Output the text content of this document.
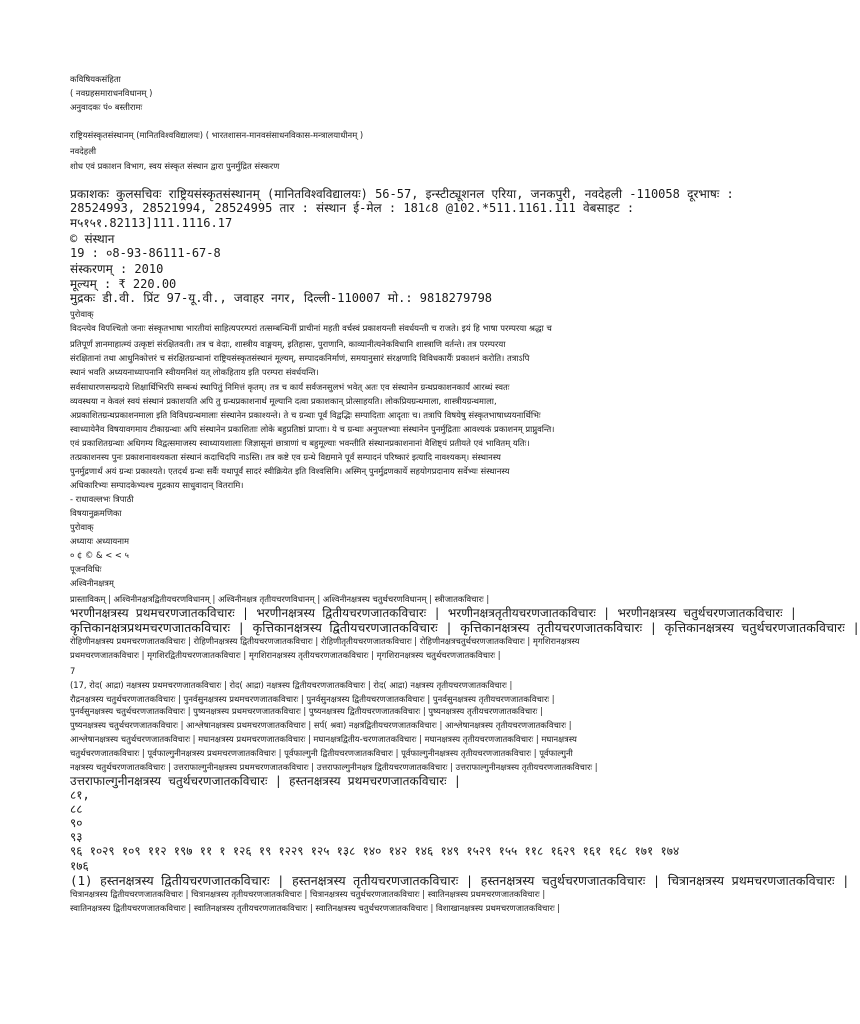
कविषियकसंहिता
( नवग्रहसमाराधनविधानम् )
अनुवादकः पं० बस्तीरामः
राष्ट्रियसंस्कृतसंस्थानम् (मानितविश्वविद्यालयः) ( भारतशासन-मानवसंसाधनविकास-मन्त्रालयाधीनम् )
नवदेहली
शोध एवं प्रकाशन विभाग, स्वय संस्कृत संस्थान द्वारा पुनर्मुद्रित संस्करण
प्रकाशकः कुलसचिवः राष्ट्रियसंस्कृतसंस्थानम् (मानितविश्वविद्यालयः) 56-57, इन्स्टीट्यूशनल एरिया, जनकपुरी, नवदेहली -110058 दूरभाषः :
28524993, 28521994, 28524995 तार : संस्थान ई-मेल : 181८8 @102.*511.1161.111 वेबसाइट :
म५१५१.82113]111.1116.17
© संस्थान
19 : ०8-93-86111-67-8
संस्करणम् : 2010
मूल्यम् : ₹ 220.00
मुद्रकः डी.वी. प्रिंट 97-यू.वी., जवाहर नगर, दिल्ली-110007 मो.: 9818279798
पुरोवाक्
विदन्त्येव विपश्चितो जनाः संस्कृतभाषा भारतीयां साहित्यपरम्परां तत्सम्बन्धिनीं प्राचीनां महती वर्चस्वं प्रकाशयन्ती संवर्धयन्ती च राजते। इयं हि भाषा परम्परया श्रद्धा च
प्रतिपूर्णं ज्ञानमाहात्म्यं उत्कृष्टां संरक्षितवती। तत्र च वेदाः, शास्त्रीय वाङ्मयम्, इतिहासः, पुराणानि, काव्यानीत्यनेकविधानि शास्त्राणि वर्तन्ते। तत्र परम्परया
संरक्षितानां तथा आधुनिकोत्तरं च संरक्षितग्रन्थानां राष्ट्रियसंस्कृतसंस्थानं मूल्यम्, सम्पादकनिर्माणं, समयानुसारं संरक्षणादि विविधकार्यैः प्रकाशनं करोति। तत्राऽपि
स्थानं भवति अध्ययनाध्यापनानि स्वीयमनिशं यत् लोकहिताय इति परम्परा संवर्धयन्ति।
सर्वसाधारणसम्प्रदाये शिक्षार्थिभिरपि सम्बन्धं स्थापितुं निमित्तं कृतम्। तत्र च कार्यं सर्वजनसुलभं भवेत् अतः एव संस्थानेन ग्रन्थप्रकाशनकार्यं आरब्धं स्वतः
व्यवस्थया न केवलं स्वयं संस्थानं प्रकाशयति अपि तु ग्रन्थप्रकाशनार्थं मूल्यानि दत्वा प्रकाशकान् प्रोत्साहयति। लोकप्रियग्रन्थमाला, शास्त्रीयग्रन्थमाला,
अप्रकाशितग्रन्थप्रकाशनमाला इति विविधग्रन्थमालाः संस्थानेन प्रकाश्यन्ते। ते च ग्रन्थाः पूर्वं विद्वद्भिः सम्पादिताः आदृताः च। तत्रापि विषयेषु संस्कृतभाषाध्ययनार्थिभिः
स्वाध्यायेनैव विषयावगमाय टीकाग्रन्थाः अपि संस्थानेन प्रकाशिताः लोके बहुप्रतिष्ठां प्राप्ताः। ये च ग्रन्थाः अनुपलभ्याः संस्थानेन पुनर्मुद्रिताः आवश्यकं प्रकाशनम् प्राप्नुवन्ति।
एवं प्रकाशितग्रन्थाः अधिगम्य विद्वत्समाजस्य स्वाध्यायशालाः जिज्ञासूनां छात्राणां च बहुमूल्याः भवन्तीति संस्थानप्रकाशनानां वैशिष्ट्यं प्रतीयते एवं भावितम् यतिः।
तत्प्रकाशनस्य पुनः प्रकाशनावश्यकता संस्थानं कदाचिदपि नाऽस्ति। तत्र कष्टे एव ग्रन्थे विद्यमाने पूर्वं सम्पादनं परिष्कारं इत्यादि नावश्यकम्। संस्थानस्य
पुनर्मुद्रणार्थं अयं ग्रन्थः प्रकाश्यते। एतदर्थं ग्रन्थः सर्वैः यथापूर्वं सादरं स्वीक्रियेत इति विश्वसिमि। अस्मिन् पुनर्मुद्रणकार्ये सहयोगप्रदानाय सर्वेभ्यः संस्थानस्य
अधिकारिभ्यः सम्पादकेभ्यश्च मुद्रकाय साधुवादान् वितरामि।
- राधावल्लभः त्रिपाठी
विषयानुक्रमणिका
पुरोवाक्
अध्यायः अध्यायनाम
० ¢ © & < < ५
पूजनविधिः
अश्विनीनक्षत्रम्
प्रास्ताविकम् | अश्विनीनक्षत्रद्वितीयचरणविधानम् | अश्विनीनक्षत्र तृतीयचरणविधानम् | अश्विनीनक्षत्रस्य चतुर्थचरणविधानम् | स्त्रीजातकविचारः |
भरणीनक्षत्रस्य प्रथमचरणजातकविचारः | भरणीनक्षत्रस्य द्वितीयचरणजातकविचारः | भरणीनक्षत्रतृतीयचरणजातकविचारः | भरणीनक्षत्रस्य चतुर्थचरणजातकविचारः |
कृत्तिकानक्षत्रप्रथमचरणजातकविचारः | कृत्तिकानक्षत्रस्य द्वितीयचरणजातकविचारः | कृत्तिकानक्षत्रस्य तृतीयचरणजातकविचारः | कृत्तिकानक्षत्रस्य चतुर्थचरणजातकविचारः |
रोहिणीनक्षत्रस्य प्रथमचरणजातकविचारः | रोहिणीनक्षत्रस्य द्वितीयचरणजातकविचारः | रोहिणीतृतीयचरणजातकविचारः | रोहिणीनक्षत्रचतुर्थचरणजातकविचारः | मृगशिरानक्षत्रस्य
प्रथमचरणजातकविचारः | मृगशिरद्वितीयचरणजातकविचारः | मृगशिरानक्षत्रस्य तृतीयचरणजातकविचारः | मृगशिरानक्षत्रस्य चतुर्थचरणजातकविचारः |
7
(17, रोद( आद्रा) नक्षत्रस्य प्रथमचरणजातकविचारः | रोद( आद्रा) नक्षत्रस्य द्वितीयचरणजातकविचारः | रोद( आद्रा) नक्षत्रस्य तृतीयचरणजातकविचारः |
रौद्रनक्षत्रस्य चतुर्थचरणजातकविचारः | पुनर्वसुनक्षत्रस्य प्रथमचरणजातकविचारः | पुनर्वसुनक्षत्रस्य द्वितीयचरणजातकविचारः | पुनर्वसुनक्षत्रस्य तृतीयचरणजातकविचारः |
पुनर्वसुनक्षत्रस्य चतुर्थचरणजातकविचारः | पुष्यनक्षत्रस्य प्रथमचरणजातकविचारः | पुष्यनक्षत्रस्य द्वितीयचरणजातकविचारः | पुष्यनक्षत्रस्य तृतीयचरणजातकविचारः |
पुष्यनक्षत्रस्य चतुर्थचरणजातकविचारः | आश्लेषानक्षत्रस्य प्रथमचरणजातकविचारः | सर्प( श्रवा) नक्षत्रद्वितीयचरणजातकविचारः | आश्लेषानक्षत्रस्य तृतीयचरणजातकविचारः |
आश्लेषानक्षत्रस्य चतुर्थचरणजातकविचारः | मघानक्षत्रस्य प्रथमचरणजातकविचारः | मघानक्षत्रद्वितीय-चरणजातकविचारः | मघानक्षत्रस्य तृतीयचरणजातकविचारः | मघानक्षत्रस्य
चतुर्थचरणजातकविचारः | पूर्वफाल्गुनीनक्षत्रस्य प्रथमचरणजातकविचारः | पूर्वफाल्गुनी द्वितीयचरणजातकविचारः | पूर्वफाल्गुनीनक्षत्रस्य तृतीयचरणजातकविचारः | पूर्वफाल्गुनी
नक्षत्रस्य चतुर्थचरणजातकविचारः | उत्तराफाल्गुनीनक्षत्रस्य प्रथमचरणजातकविचारः | उत्तराफाल्गुनीनक्षत्र द्वितीयचरणजातकविचारः | उत्तराफाल्गुनीनक्षत्रस्य तृतीयचरणजातकविचारः |
उत्तराफाल्गुनीनक्षत्रस्य चतुर्थचरणजातकविचारः | हस्तनक्षत्रस्य प्रथमचरणजातकविचारः |
८१,
८८
९०
९३
९६ १०२९ १०९ ११२ १९७ ११ १ १२६ १९ १२२९ १२५ १३८ १४० १४२ १४६ १४९ १५२९ १५५ ११८ १६२९ १६१ १६८ १७१ १७४
१७६
(1) हस्तनक्षत्रस्य द्वितीयचरणजातकविचारः | हस्तनक्षत्रस्य तृतीयचरणजातकविचारः | हस्तनक्षत्रस्य चतुर्थचरणजातकविचारः | चित्रानक्षत्रस्य प्रथमचरणजातकविचारः |
चित्रानक्षत्रस्य द्वितीयचरणजातकविचारः | चित्रानक्षत्रस्य तृतीयचरणजातकविचारः | चित्रानक्षत्रस्य चतुर्थचरणजातकविचारः | स्वातिनक्षत्रस्य प्रथमचरणजातकविचारः |
स्वातिनक्षत्रस्य द्वितीयचरणजातकविचारः | स्वातिनक्षत्रस्य तृतीयचरणजातकविचारः | स्वातिनक्षत्रस्य चतुर्थचरणजातकविचारः | विशाखानक्षत्रस्य प्रथमचरणजातकविचारः |
